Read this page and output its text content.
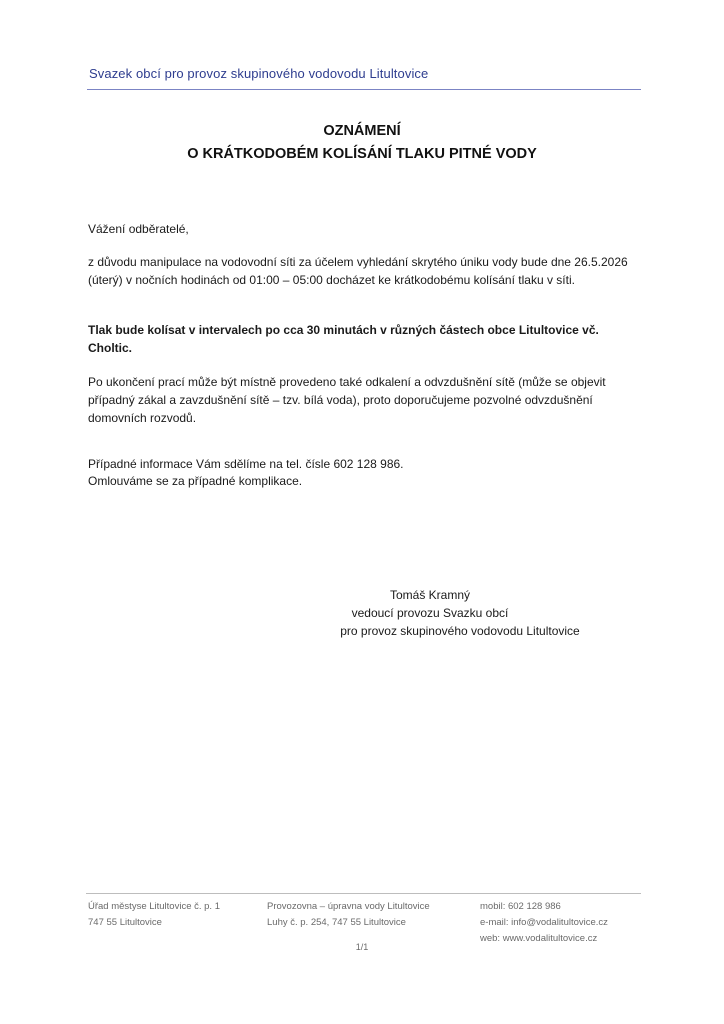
Svazek obcí pro provoz skupinového vodovodu Litultovice
OZNÁMENÍ
O KRÁTKODOBÉM KOLÍSÁNÍ TLAKU PITNÉ VODY
Vážení odběratelé,
z důvodu manipulace na vodovodní síti za účelem vyhledání skrytého úniku vody bude dne 26.5.2026 (úterý) v nočních hodinách od 01:00 – 05:00 docházet ke krátkodobému kolísání tlaku v síti.
Tlak bude kolísat v intervalech po cca 30 minutách v různých částech obce Litultovice vč. Choltic.
Po ukončení prací může být místně provedeno také odkalení a odvzdušnění sítě (může se objevit případný zákal a zavzdušnění sítě – tzv. bílá voda), proto doporučujeme pozvolné odvzdušnění domovních rozvodů.
Případné informace Vám sdělíme na tel. čísle 602 128 986.
Omlouváme se za případné komplikace.
Tomáš Kramný
vedoucí provozu Svazku obcí
pro provoz skupinového vodovodu Litultovice
Úřad městyse Litultovice č. p. 1
747 55 Litultovice
Provozovna – úpravna vody Litultovice
Luhy č. p. 254, 747 55 Litultovice
mobil: 602 128 986
e-mail: info@vodalitultovice.cz
web: www.vodalitultovice.cz
1/1
